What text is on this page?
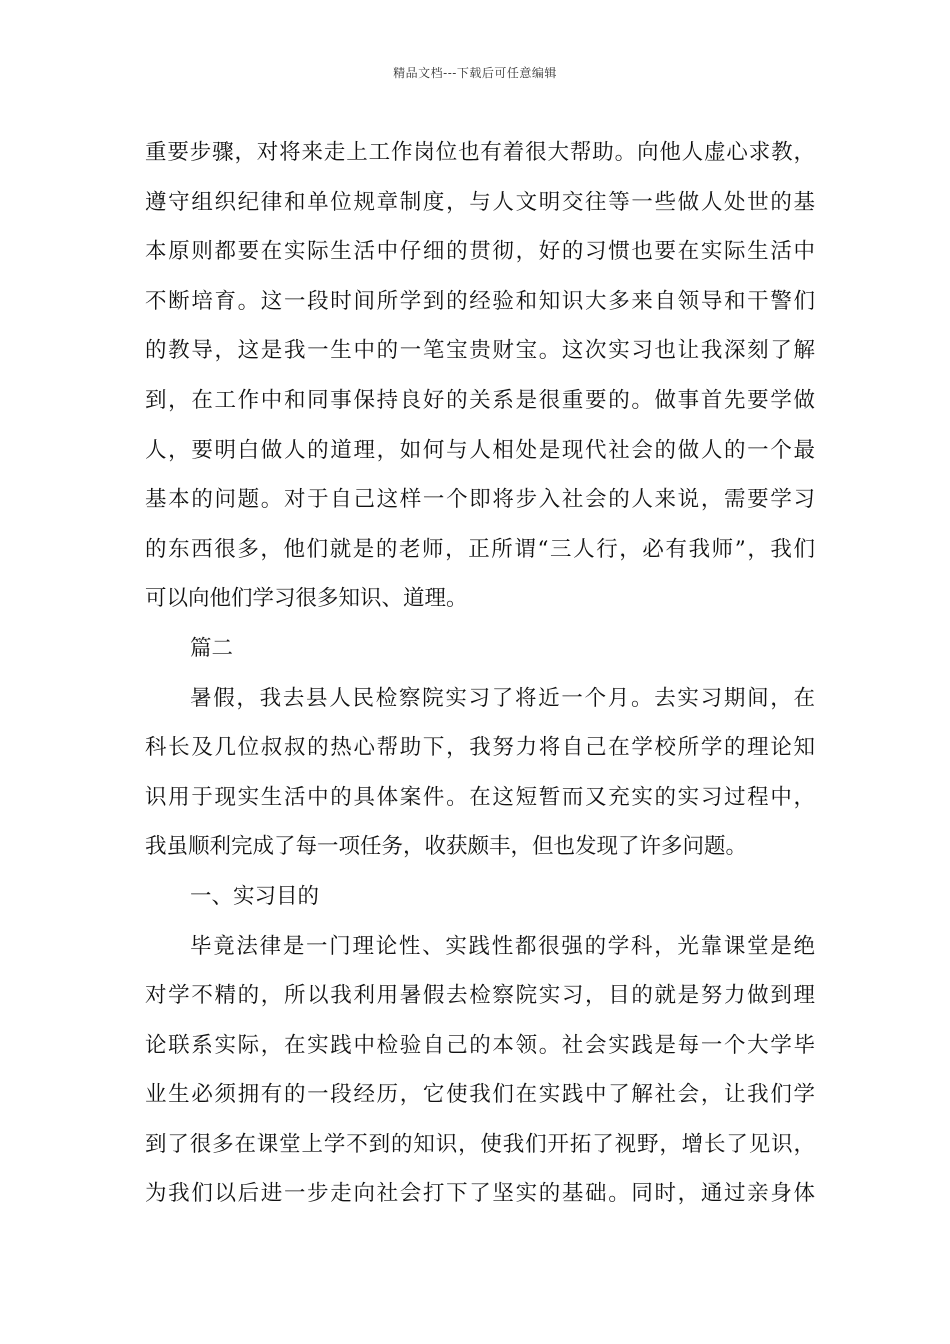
精品文档---下载后可任意编辑
重要步骤，对将来走上工作岗位也有着很大帮助。向他人虚心求教，
遵守组织纪律和单位规章制度，与人文明交往等一些做人处世的基
本原则都要在实际生活中仔细的贯彻，好的习惯也要在实际生活中
不断培育。这一段时间所学到的经验和知识大多来自领导和干警们
的教导，这是我一生中的一笔宝贵财宝。这次实习也让我深刻了解
到，在工作中和同事保持良好的关系是很重要的。做事首先要学做
人，要明白做人的道理，如何与人相处是现代社会的做人的一个最
基本的问题。对于自己这样一个即将步入社会的人来说，需要学习
的东西很多，他们就是的老师，正所谓“三人行，必有我师”，我们
可以向他们学习很多知识、道理。
篇二
暑假，我去县人民检察院实习了将近一个月。去实习期间，在
科长及几位叔叔的热心帮助下，我努力将自己在学校所学的理论知
识用于现实生活中的具体案件。在这短暂而又充实的实习过程中，
我虽顺利完成了每一项任务，收获颇丰，但也发现了许多问题。
一、实习目的
毕竟法律是一门理论性、实践性都很强的学科，光靠课堂是绝
对学不精的，所以我利用暑假去检察院实习，目的就是努力做到理
论联系实际，在实践中检验自己的本领。社会实践是每一个大学毕
业生必须拥有的一段经历，它使我们在实践中了解社会，让我们学
到了很多在课堂上学不到的知识，使我们开拓了视野，增长了见识，
为我们以后进一步走向社会打下了坚实的基础。同时，通过亲身体
